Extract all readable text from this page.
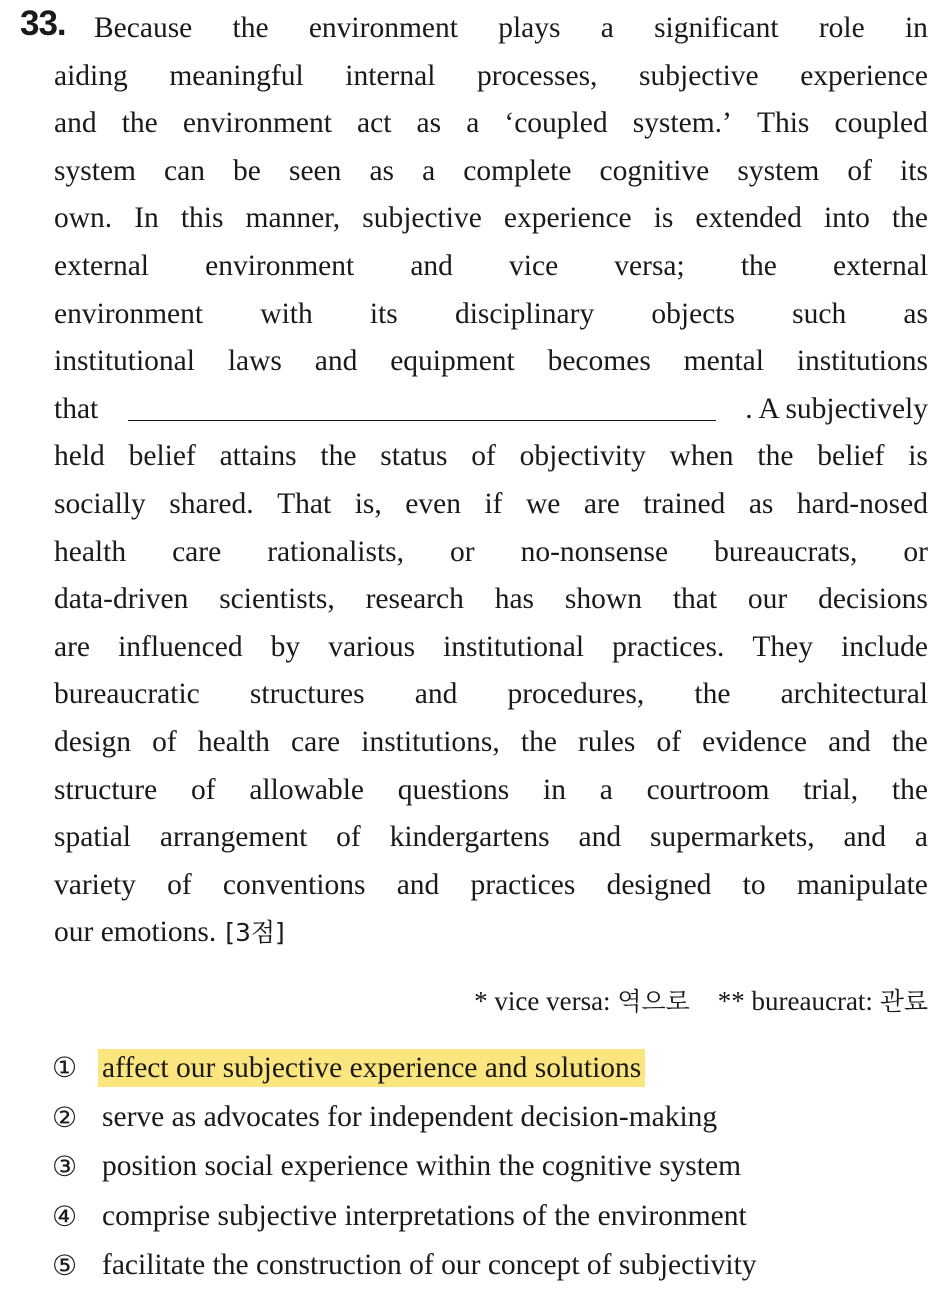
33. Because the environment plays a significant role in
aiding meaningful internal processes, subjective experience
and the environment act as a ‘coupled system.’ This coupled
system can be seen as a complete cognitive system of its
own. In this manner, subjective experience is extended into the
external environment and vice versa; the external
environment with its disciplinary objects such as
institutional laws and equipment becomes mental institutions
that	. A subjectively
held belief attains the status of objectivity when the belief is
socially shared. That is, even if we are trained as hard-nosed
health care rationalists, or no-nonsense bureaucrats, or
data-driven scientists, research has shown that our decisions
are influenced by various institutional practices. They include
bureaucratic structures and procedures, the architectural
design of health care institutions, the rules of evidence and the
structure of allowable questions in a courtroom trial, the
spatial arrangement of kindergartens and supermarkets, and a
variety of conventions and practices designed to manipulate
our emotions. [3점]
* vice versa: 역으로 ** bureaucrat: 관료
① affect our subjective experience and solutions
② serve as advocates for independent decision-making
③ position social experience within the cognitive system
④ comprise subjective interpretations of the environment
⑤ facilitate the construction of our concept of subjectivity
